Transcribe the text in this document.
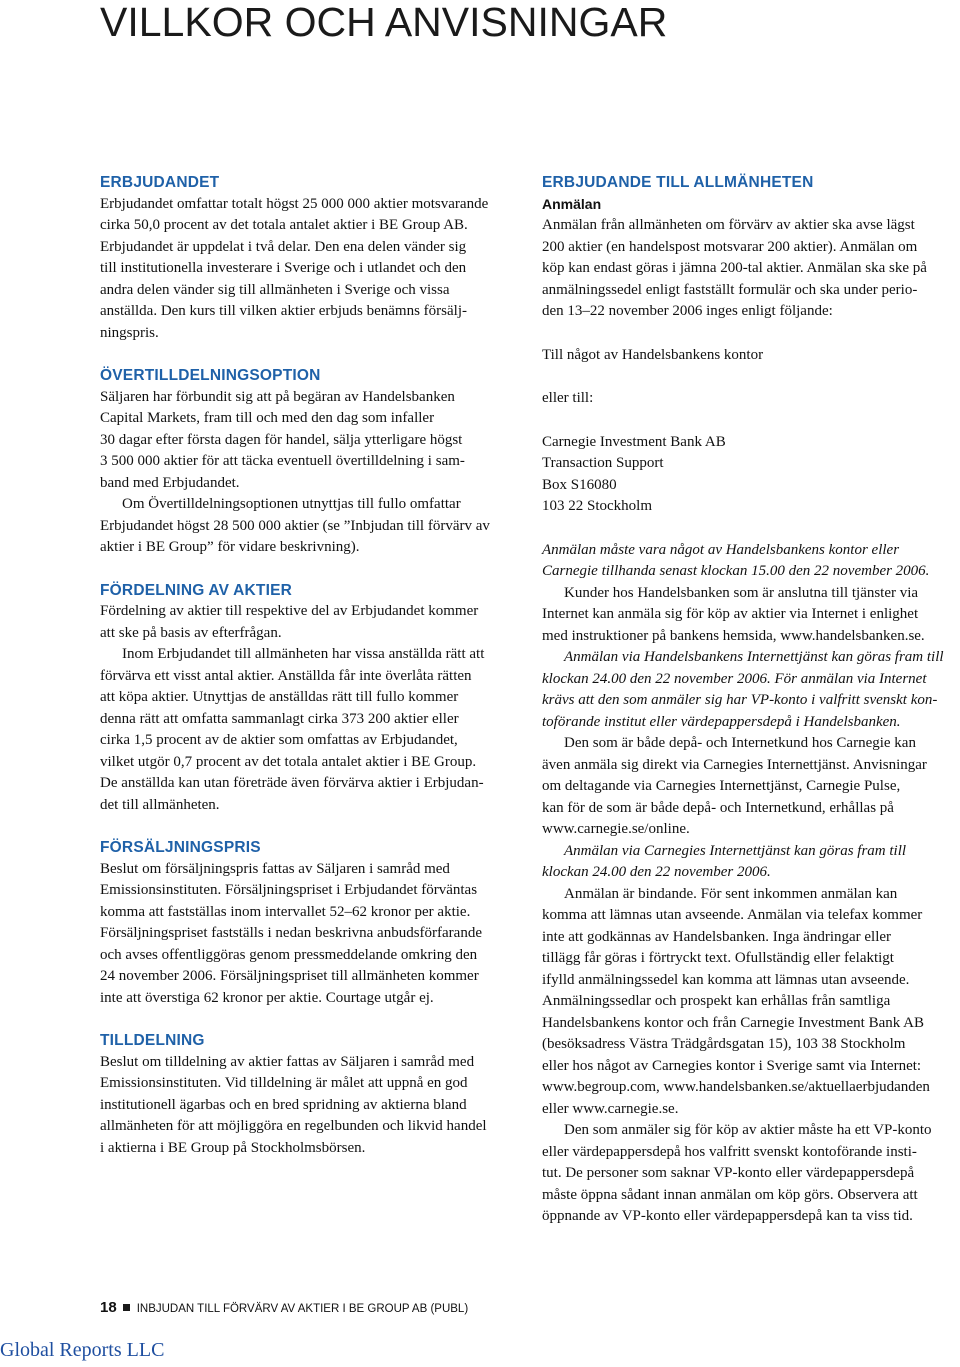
VILLKOR OCH ANVISNINGAR
ERBJUDANDET

Erbjudandet omfattar totalt högst 25 000 000 aktier motsvarande
cirka 50,0 procent av det totala antalet aktier i BE Group AB.
Erbjudandet är uppdelat i två delar. Den ena delen vänder sig
till institutionella investerare i Sverige och i utlandet och den
andra delen vänder sig till allmänheten i Sverige och vissa
anställda. Den kurs till vilken aktier erbjuds benämns försälj-
ningspris.

ÖVERTILLDELNINGSOPTION

Säljaren har förbundit sig att på begäran av Handelsbanken
Capital Markets, fram till och med den dag som infaller
30 dagar efter första dagen för handel, sälja ytterligare högst
3 500 000 aktier för att täcka eventuell övertilldelning i sam-
band med Erbjudandet.

Om Övertilldelningsoptionen utnyttjas till fullo omfattar
Erbjudandet högst 28 500 000 aktier (se ”Inbjudan till förvärv av
aktier i BE Group” för vidare beskrivning).

FÖRDELNING AV AKTIER

Fördelning av aktier till respektive del av Erbjudandet kommer
att ske på basis av efterfrågan.

Inom Erbjudandet till allmänheten har vissa anställda rätt att
förvärva ett visst antal aktier. Anställda får inte överlåta rätten
att köpa aktier. Utnyttjas de anställdas rätt till fullo kommer
denna rätt att omfatta sammanlagt cirka 373 200 aktier eller
cirka 1,5 procent av de aktier som omfattas av Erbjudandet,
vilket utgör 0,7 procent av det totala antalet aktier i BE Group.
De anställda kan utan företräde även förvärva aktier i Erbjudan-
det till allmänheten.

FÖRSÄLJNINGSPRIS

Beslut om försäljningspris fattas av Säljaren i samråd med
Emissionsinstituten. Försäljningspriset i Erbjudandet förväntas
komma att fastställas inom intervallet 52–62 kronor per aktie.
Försäljningspriset fastställs i nedan beskrivna anbudsförfarande
och avses offentliggöras genom pressmeddelande omkring den
24 november 2006. Försäljningspriset till allmänheten kommer
inte att överstiga 62 kronor per aktie. Courtage utgår ej.

TILLDELNING

Beslut om tilldelning av aktier fattas av Säljaren i samråd med
Emissionsinstituten. Vid tilldelning är målet att uppnå en god
institutionell ägarbas och en bred spridning av aktierna bland
allmänheten för att möjliggöra en regelbunden och likvid handel
i aktierna i BE Group på Stockholmsbörsen.

ERBJUDANDE TILL ALLMÄNHETEN
Anmälan

Anmälan från allmänheten om förvärv av aktier ska avse lägst
200 aktier (en handelspost motsvarar 200 aktier). Anmälan om
köp kan endast göras i jämna 200-tal aktier. Anmälan ska ske på
anmälningssedel enligt fastställt formulär och ska under perio-
den 13–22 november 2006 inges enligt följande:

Till något av Handelsbankens kontor

eller till:

Carnegie Investment Bank AB

Transaction Support

Box S16080

103 22 Stockholm

Anmälan måste vara något av Handelsbankens kontor eller
Carnegie tillhanda senast klockan 15.00 den 22 november 2006.

Kunder hos Handelsbanken som är anslutna till tjänster via
Internet kan anmäla sig för köp av aktier via Internet i enlighet
med instruktioner på bankens hemsida, www.handelsbanken.se.

Anmälan via Handelsbankens Internettjänst kan göras fram till
klockan 24.00 den 22 november 2006. För anmälan via Internet
krävs att den som anmäler sig har VP-konto i valfritt svenskt kon-
toförande institut eller värdepappersdepå i Handelsbanken.

Den som är både depå- och Internetkund hos Carnegie kan
även anmäla sig direkt via Carnegies Internettjänst. Anvisningar
om deltagande via Carnegies Internettjänst, Carnegie Pulse,
kan för de som är både depå- och Internetkund, erhållas på
www.carnegie.se/online.

Anmälan via Carnegies Internettjänst kan göras fram till
klockan 24.00 den 22 november 2006.

Anmälan är bindande. För sent inkommen anmälan kan
komma att lämnas utan avseende. Anmälan via telefax kommer
inte att godkännas av Handelsbanken. Inga ändringar eller
tillägg får göras i förtryckt text. Ofullständig eller felaktigt
ifylld anmälningssedel kan komma att lämnas utan avseende.
Anmälningssedlar och prospekt kan erhållas från samtliga
Handelsbankens kontor och från Carnegie Investment Bank AB
(besöksadress Västra Trädgårdsgatan 15), 103 38 Stockholm
eller hos något av Carnegies kontor i Sverige samt via Internet:
www.begroup.com, www.handelsbanken.se/aktuellaerbjudanden
eller www.carnegie.se.

Den som anmäler sig för köp av aktier måste ha ett VP-konto
eller värdepappersdepå hos valfritt svenskt kontoförande insti-
tut. De personer som saknar VP-konto eller värdepappersdepå
måste öppna sådant innan anmälan om köp görs. Observera att
öppnande av VP-konto eller värdepappersdepå kan ta viss tid.

18 INBJUDAN TILL FÖRVÄRV AV AKTIER I BE GROUP AB (PUBL)
Global Reports LLC
